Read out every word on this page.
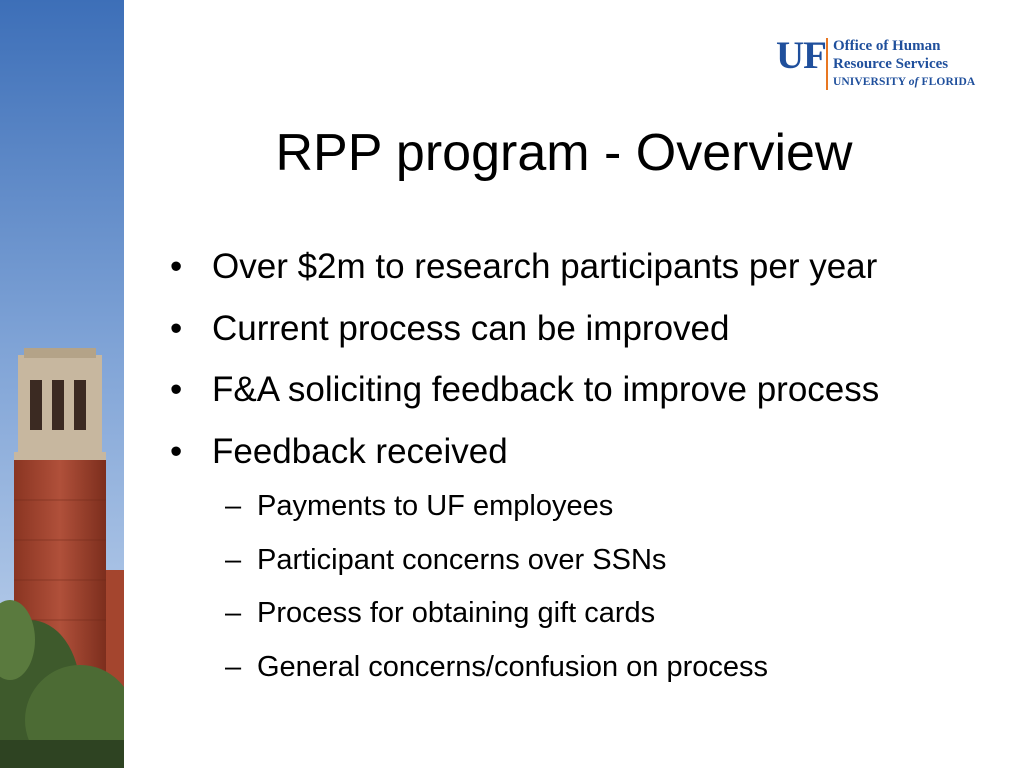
UF Office of Human
Resource Services
UNIVERSITY of FLORIDA
RPP program - Overview
• Over $2m to research participants per year
• Current process can be improved
• F&A soliciting feedback to improve process
• Feedback received
– Payments to UF employees
– Participant concerns over SSNs
– Process for obtaining gift cards
– General concerns/confusion on process
